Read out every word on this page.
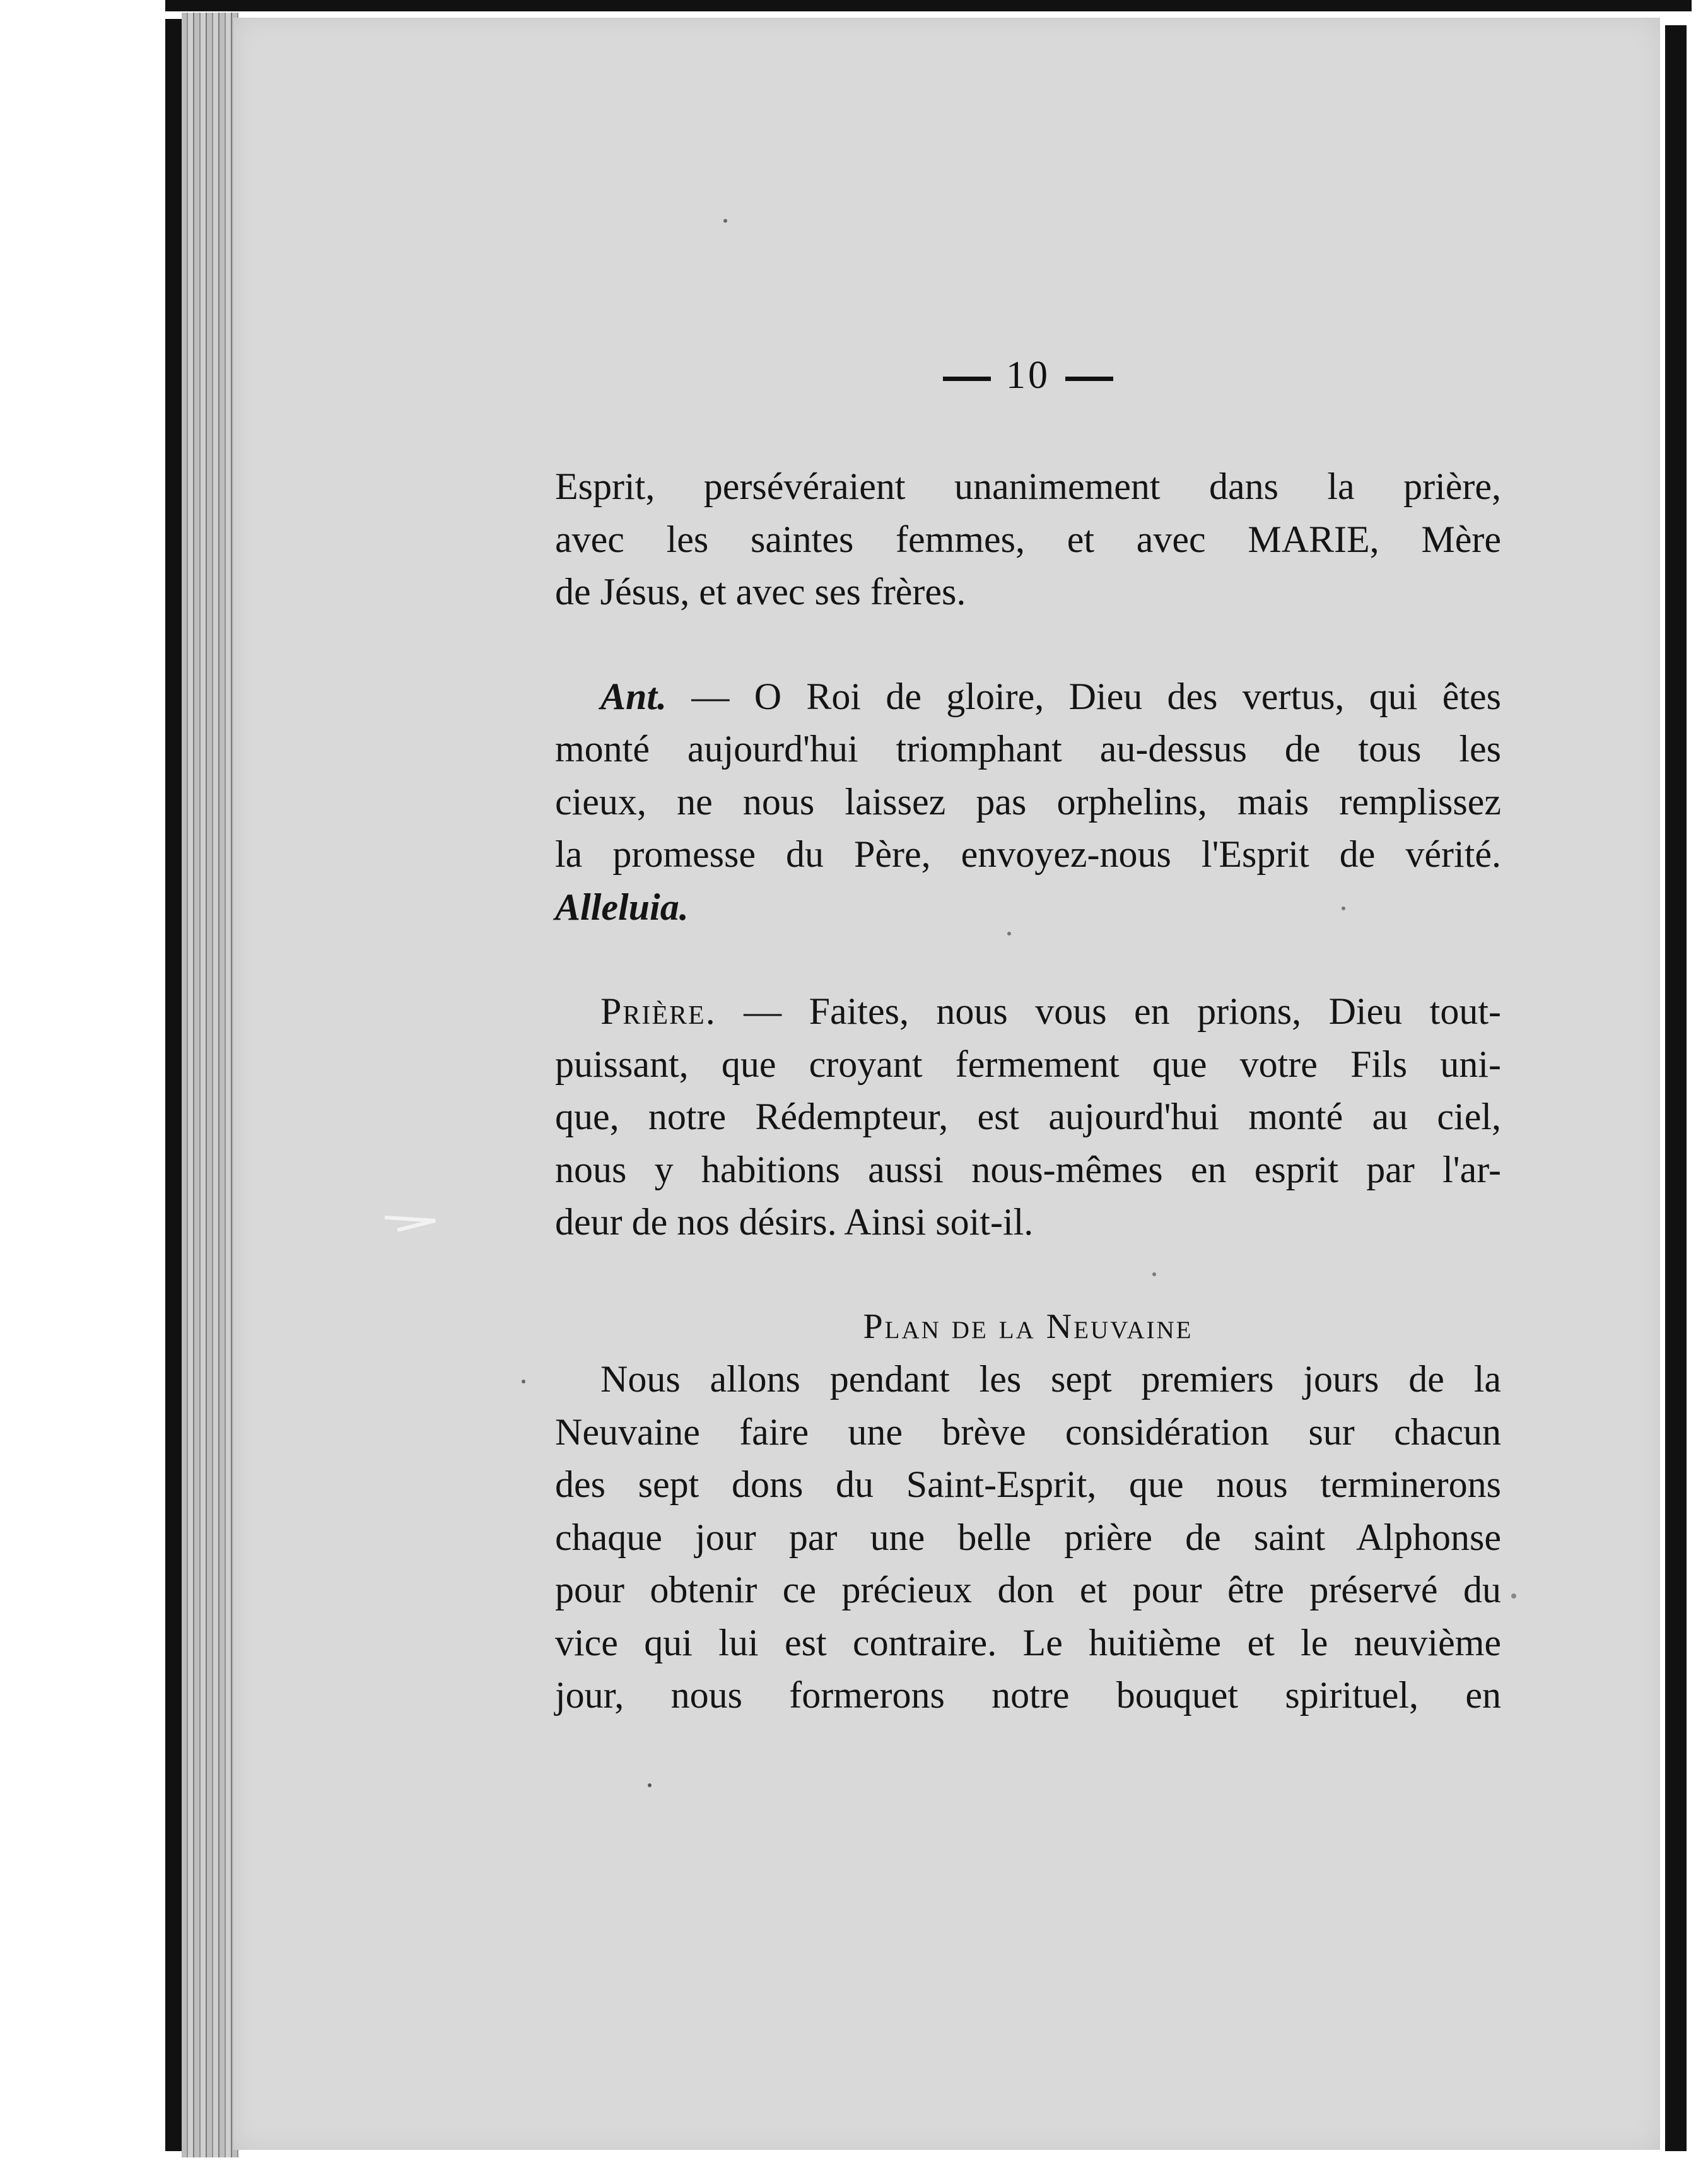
10

Esprit, persévéraient unanimement dans la prière,
avec les saintes femmes, et avec MARIE, Mère
de Jésus, et avec ses frères.

Ant. — O Roi de gloire, Dieu des vertus, qui êtes
monté aujourd'hui triomphant au-dessus de tous les
cieux, ne nous laissez pas orphelins, mais remplissez
la promesse du Père, envoyez-nous l'Esprit de vérité.
Alleluia.

Prière. — Faites, nous vous en prions, Dieu tout-
puissant, que croyant fermement que votre Fils uni-
que, notre Rédempteur, est aujourd'hui monté au ciel,
nous y habitions aussi nous-mêmes en esprit par l'ar-
deur de nos désirs. Ainsi soit-il.

Plan de la Neuvaine

Nous allons pendant les sept premiers jours de la
Neuvaine faire une brève considération sur chacun
des sept dons du Saint-Esprit, que nous terminerons
chaque jour par une belle prière de saint Alphonse
pour obtenir ce précieux don et pour être préservé du
vice qui lui est contraire. Le huitième et le neuvième
jour, nous formerons notre bouquet spirituel, en
